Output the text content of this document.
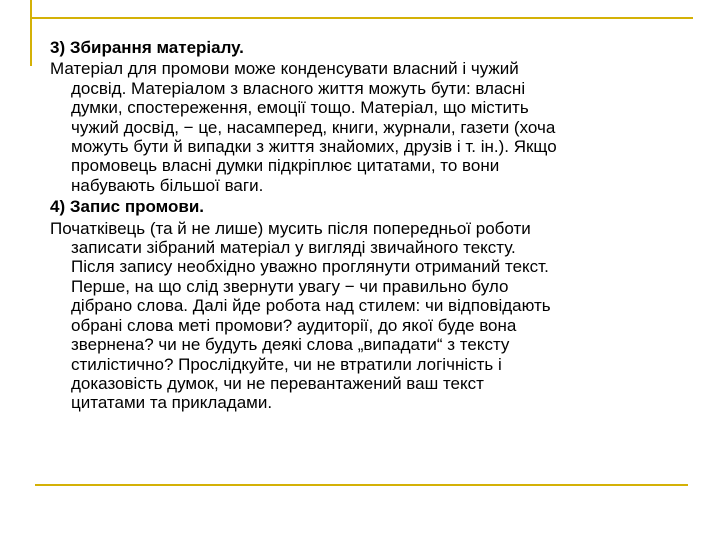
3) Збирання матеріалу.
Матеріал для промови може конденсувати власний і чужий
досвід. Матеріалом з власного життя можуть бути: власні
думки, спостереження, емоції тощо. Матеріал, що містить
чужий досвід, − це, насамперед, книги, журнали, газети (хоча
можуть бути й випадки з життя знайомих, друзів і т. ін.). Якщо
промовець власні думки підкріплює цитатами, то вони
набувають більшої ваги.
4) Запис промови.
Початківець (та й не лише) мусить після попередньої роботи
записати зібраний матеріал у вигляді звичайного тексту.
Після запису необхідно уважно проглянути отриманий текст.
Перше, на що слід звернути увагу − чи правильно було
дібрано слова. Далі йде робота над стилем: чи відповідають
обрані слова меті промови? аудиторії, до якої буде вона
звернена? чи не будуть деякі слова „випадати“ з тексту
стилістично? Прослідкуйте, чи не втратили логічність і
доказовість думок, чи не перевантажений ваш текст
цитатами та прикладами.
